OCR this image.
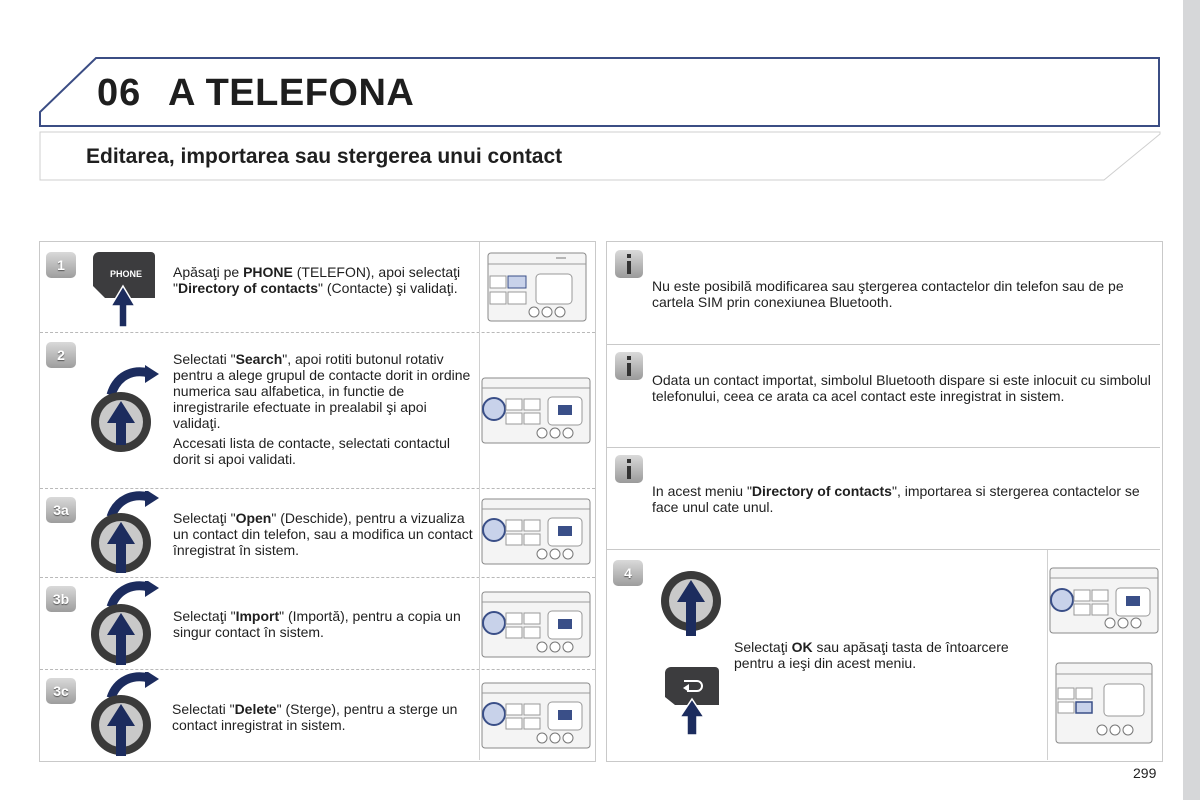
06 A TELEFONA
Editarea, importarea sau stergerea unui contact
1
PHONE	Apăsaţi pe PHONE (TELEFON), apoi selectaţi "Directory of contacts" (Contacte) şi validaţi.
2	Selectati "Search", apoi rotiti butonul rotativ pentru a alege grupul de contacte dorit in ordine numerica sau alfabetica, in functie de inregistrarile efectuate in prealabil şi apoi validaţi.

Accesati lista de contacte, selectati contactul dorit si apoi validati.

3a	Selectaţi "Open" (Deschide), pentru a vizualiza un contact din telefon, sau a modifica un contact înregistrat în sistem.
3b
Selectaţi "Import" (Importă), pentru a copia un singur contact în sistem.
3c
Selectati "Delete" (Sterge), pentru a sterge un contact inregistrat in sistem.
Nu este posibilă modificarea sau ştergerea contactelor din telefon sau de pe cartela SIM prin conexiunea Bluetooth.
Odata un contact importat, simbolul Bluetooth dispare si este inlocuit cu simbolul telefonului, ceea ce arata ca acel contact este inregistrat in sistem.
In acest meniu "Directory of contacts", importarea si stergerea contactelor se face unul cate unul.
4
Selectaţi OK sau apăsaţi tasta de întoarcere pentru a ieşi din acest meniu.
299
